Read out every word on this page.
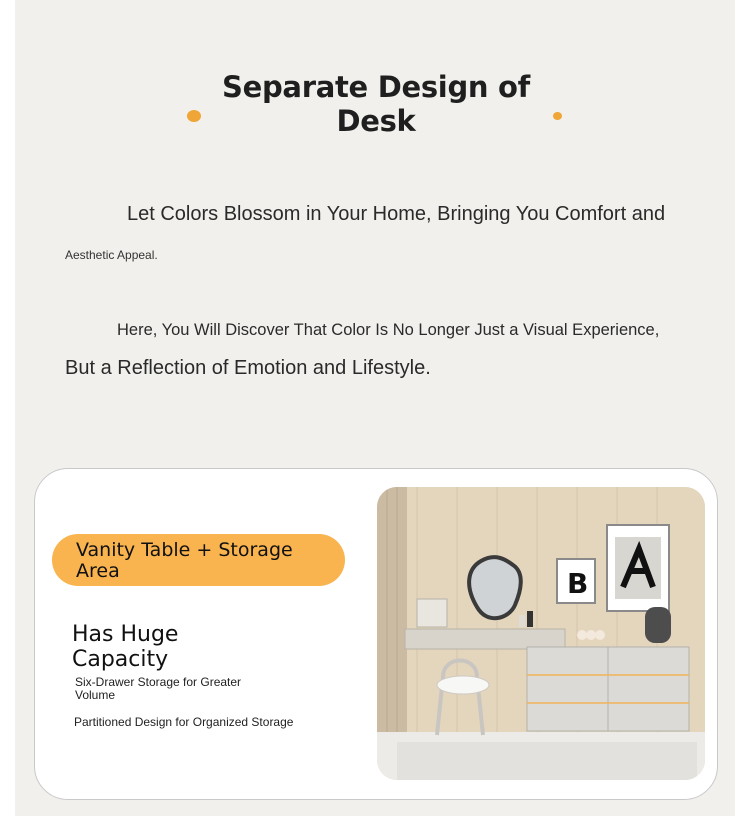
Separate Design of Desk
Let Colors Blossom in Your Home, Bringing You Comfort and
Aesthetic Appeal.
Here, You Will Discover That Color Is No Longer Just a Visual Experience,
But a Reflection of Emotion and Lifestyle.
Vanity Table + Storage Area
Has Huge Capacity
Six-Drawer Storage for Greater Volume
Partitioned Design for Organized Storage
B
